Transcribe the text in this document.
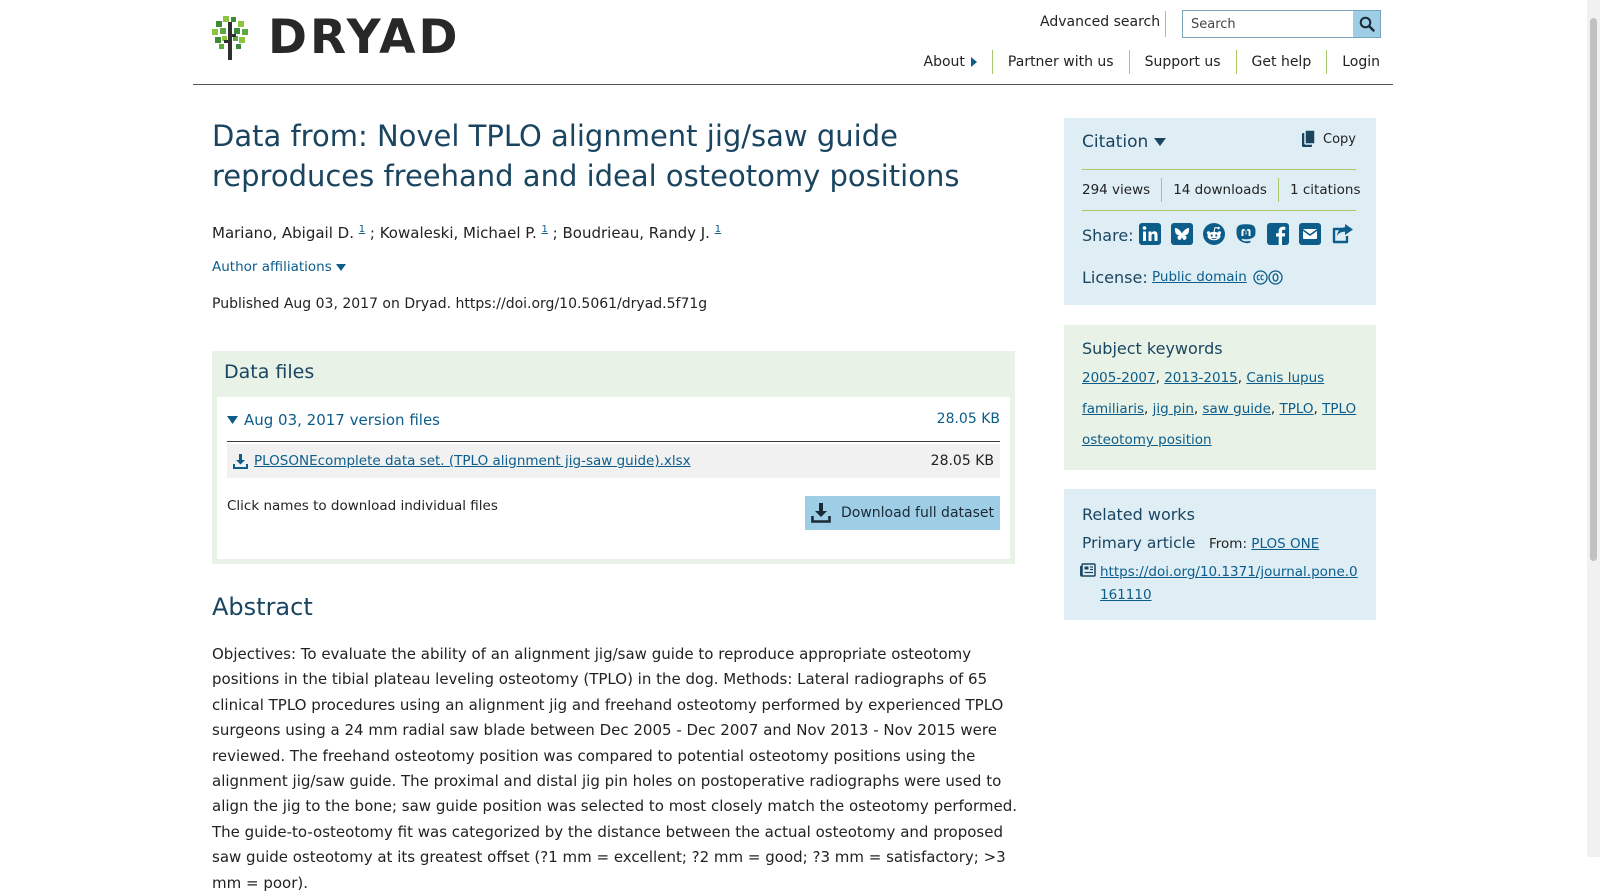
DRYAD	Advanced search
Search
About	Partner with us	Support us	Get help	Login
Data from: Novel TPLO alignment jig/saw guide reproduces freehand and ideal osteotomy positions
Mariano, Abigail D. $^1$ ; Kowaleski, Michael P. $^1$ ; Boudrieau, Randy J. $^1$
Author affiliations
Published Aug 03, 2017 on Dryad. https://doi.org/10.5061/dryad.5f71g
Data files
Aug 03, 2017 version files	28.05 KB
PLOSONEcomplete data set. (TPLO alignment jig-saw guide).xlsx	28.05 KB
Click names to download individual files	Download full dataset
Abstract

Objectives: To evaluate the ability of an alignment jig/saw guide to reproduce appropriate osteotomy positions in the tibial plateau leveling osteotomy (TPLO) in the dog. Methods: Lateral radiographs of 65 clinical TPLO procedures using an alignment jig and freehand osteotomy performed by experienced TPLO surgeons using a 24 mm radial saw blade between Dec 2005 - Dec 2007 and Nov 2013 - Nov 2015 were reviewed. The freehand osteotomy position was compared to potential osteotomy positions using the alignment jig/saw guide. The proximal and distal jig pin holes on postoperative radiographs were used to align the jig to the bone; saw guide position was selected to most closely match the osteotomy performed. The guide-to-osteotomy fit was categorized by the distance between the actual osteotomy and proposed saw guide osteotomy at its greatest offset (?1 mm = excellent; ?2 mm = good; ?3 mm = satisfactory; >3 mm = poor).

Citation	Copy
294 views	14 downloads	1 citations
Share:
License: Public domain
Subject keywords
2005-2007, 2013-2015, Canis lupus familiaris, jig pin, saw guide, TPLO, TPLO osteotomy position
Related works
Primary article From: PLOS ONE
https://doi.org/10.1371/journal.pone.0161110
